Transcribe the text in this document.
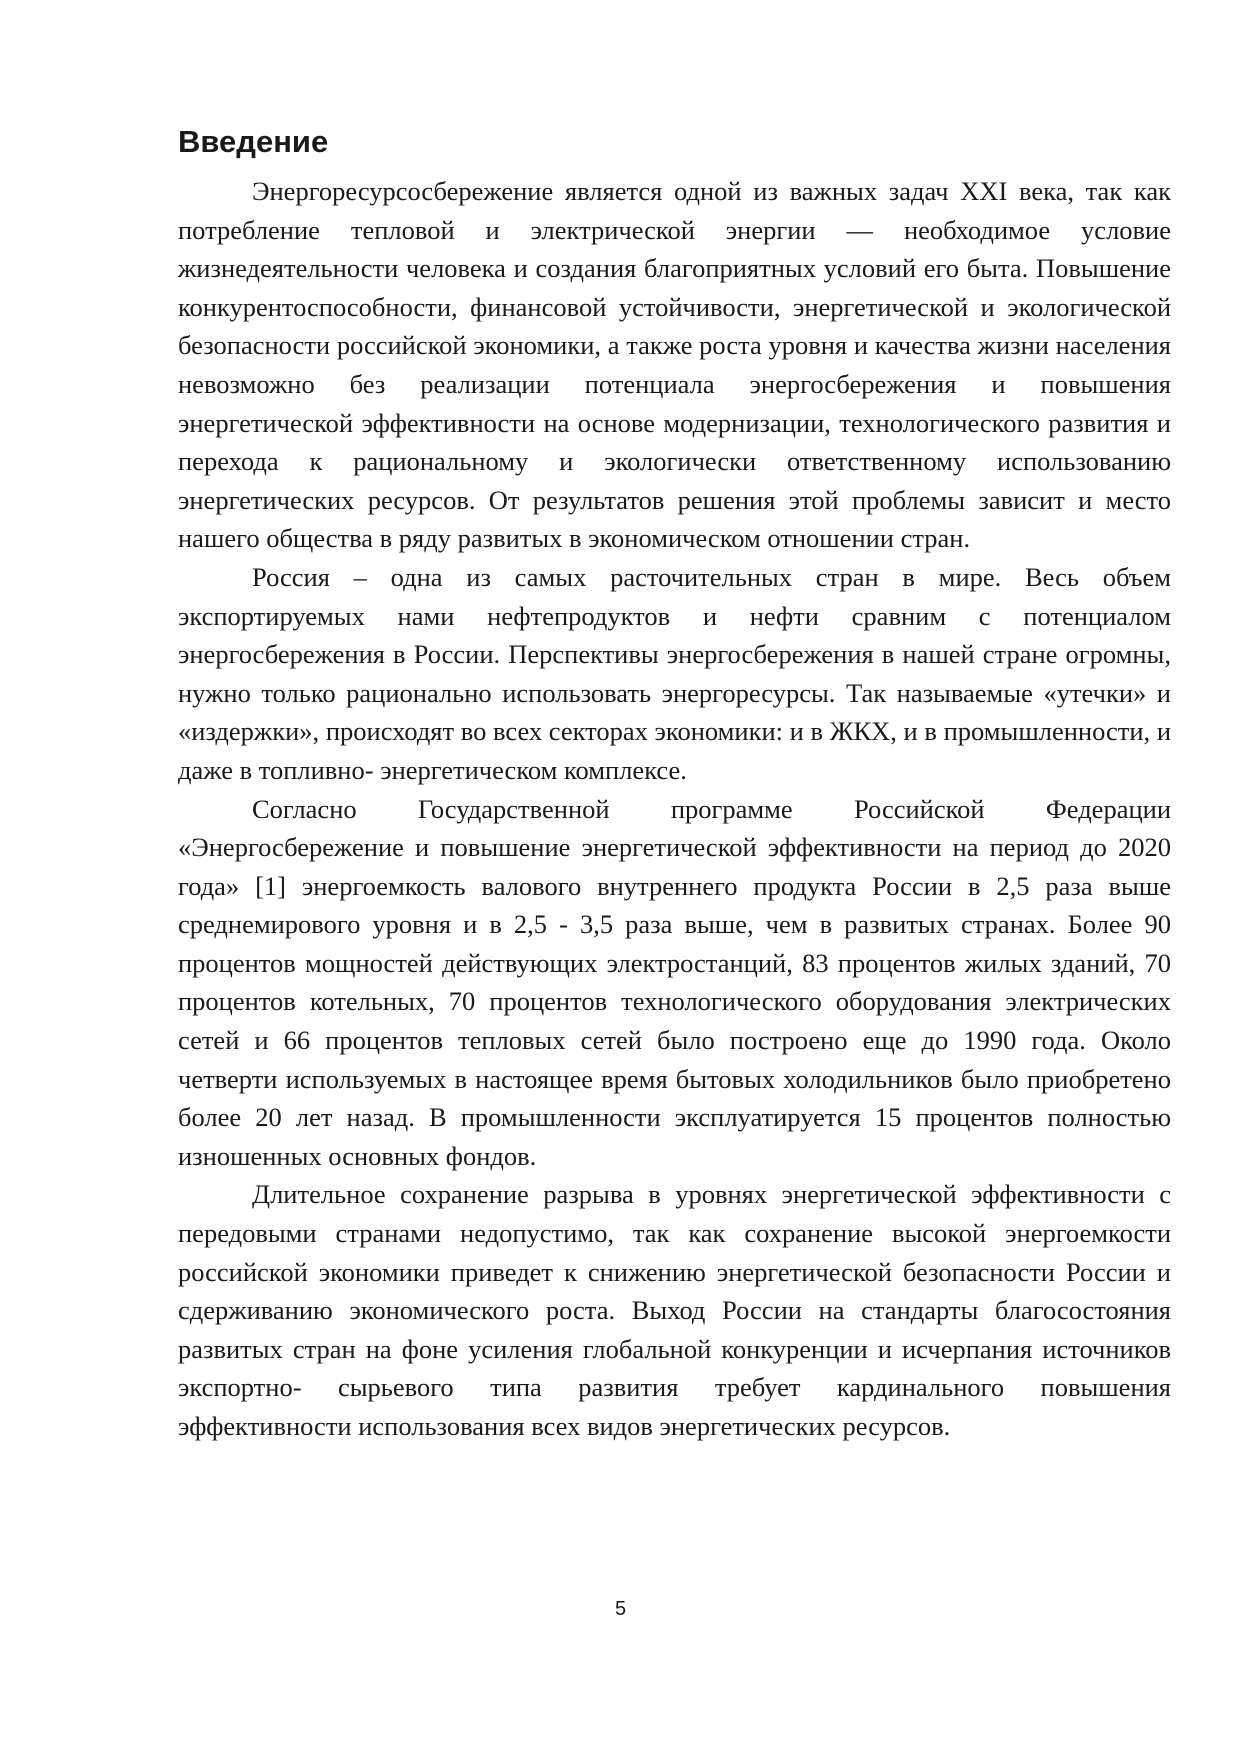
Введение

Энергоресурсосбережение является одной из важных задач XXI века, так как потребление тепловой и электрической энергии — необходимое условие жизнедеятельности человека и создания благоприятных условий его быта. Повышение конкурентоспособности, финансовой устойчивости, энергетической и экологической безопасности российской экономики, а также роста уровня и качества жизни населения невозможно без реализации потенциала энергосбережения и повышения энергетической эффективности на основе модернизации, технологического развития и перехода к рациональному и экологически ответственному использованию энергетических ресурсов. От результатов решения этой проблемы зависит и место нашего общества в ряду развитых в экономическом отношении стран.

Россия – одна из самых расточительных стран в мире. Весь объем экспортируемых нами нефтепродуктов и нефти сравним с потенциалом энергосбережения в России. Перспективы энергосбережения в нашей стране огромны, нужно только рационально использовать энергоресурсы. Так называемые «утечки» и «издержки», происходят во всех секторах экономики: и в ЖКХ, и в промышленности, и даже в топливно- энергетическом комплексе.

Согласно Государственной программе Российской Федерации «Энергосбережение и повышение энергетической эффективности на период до 2020 года» [1] энергоемкость валового внутреннего продукта России в 2,5 раза выше среднемирового уровня и в 2,5 - 3,5 раза выше, чем в развитых странах. Более 90 процентов мощностей действующих электростанций, 83 процентов жилых зданий, 70 процентов котельных, 70 процентов технологического оборудования электрических сетей и 66 процентов тепловых сетей было построено еще до 1990 года. Около четверти используемых в настоящее время бытовых холодильников было приобретено более 20 лет назад. В промышленности эксплуатируется 15 процентов полностью изношенных основных фондов.

Длительное сохранение разрыва в уровнях энергетической эффективности с передовыми странами недопустимо, так как сохранение высокой энергоемкости российской экономики приведет к снижению энергетической безопасности России и сдерживанию экономического роста. Выход России на стандарты благосостояния развитых стран на фоне усиления глобальной конкуренции и исчерпания источников экспортно- сырьевого типа развития требует кардинального повышения эффективности использования всех видов энергетических ресурсов.

5
